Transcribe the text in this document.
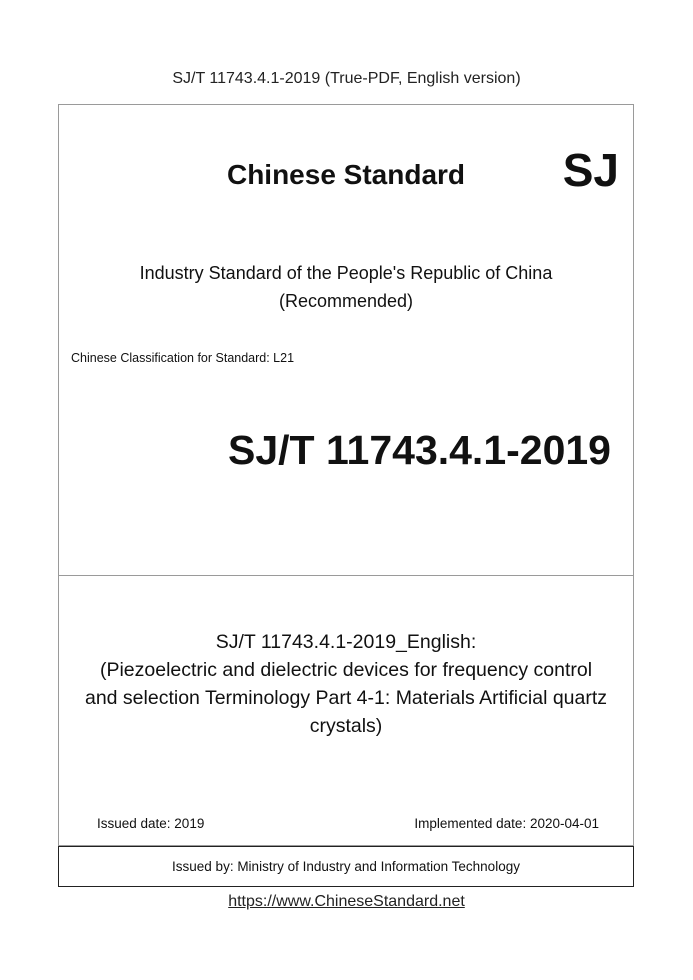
SJ/T 11743.4.1-2019 (True-PDF, English version)
Chinese Standard	SJ
Industry Standard of the People's Republic of China
(Recommended)
Chinese Classification for Standard: L21
SJ/T 11743.4.1-2019
SJ/T 11743.4.1-2019_English:
(Piezoelectric and dielectric devices for frequency control
and selection Terminology Part 4-1: Materials Artificial quartz
crystals)
Issued date: 2019	Implemented date: 2020-04-01
Issued by: Ministry of Industry and Information Technology
https://www.ChineseStandard.net
